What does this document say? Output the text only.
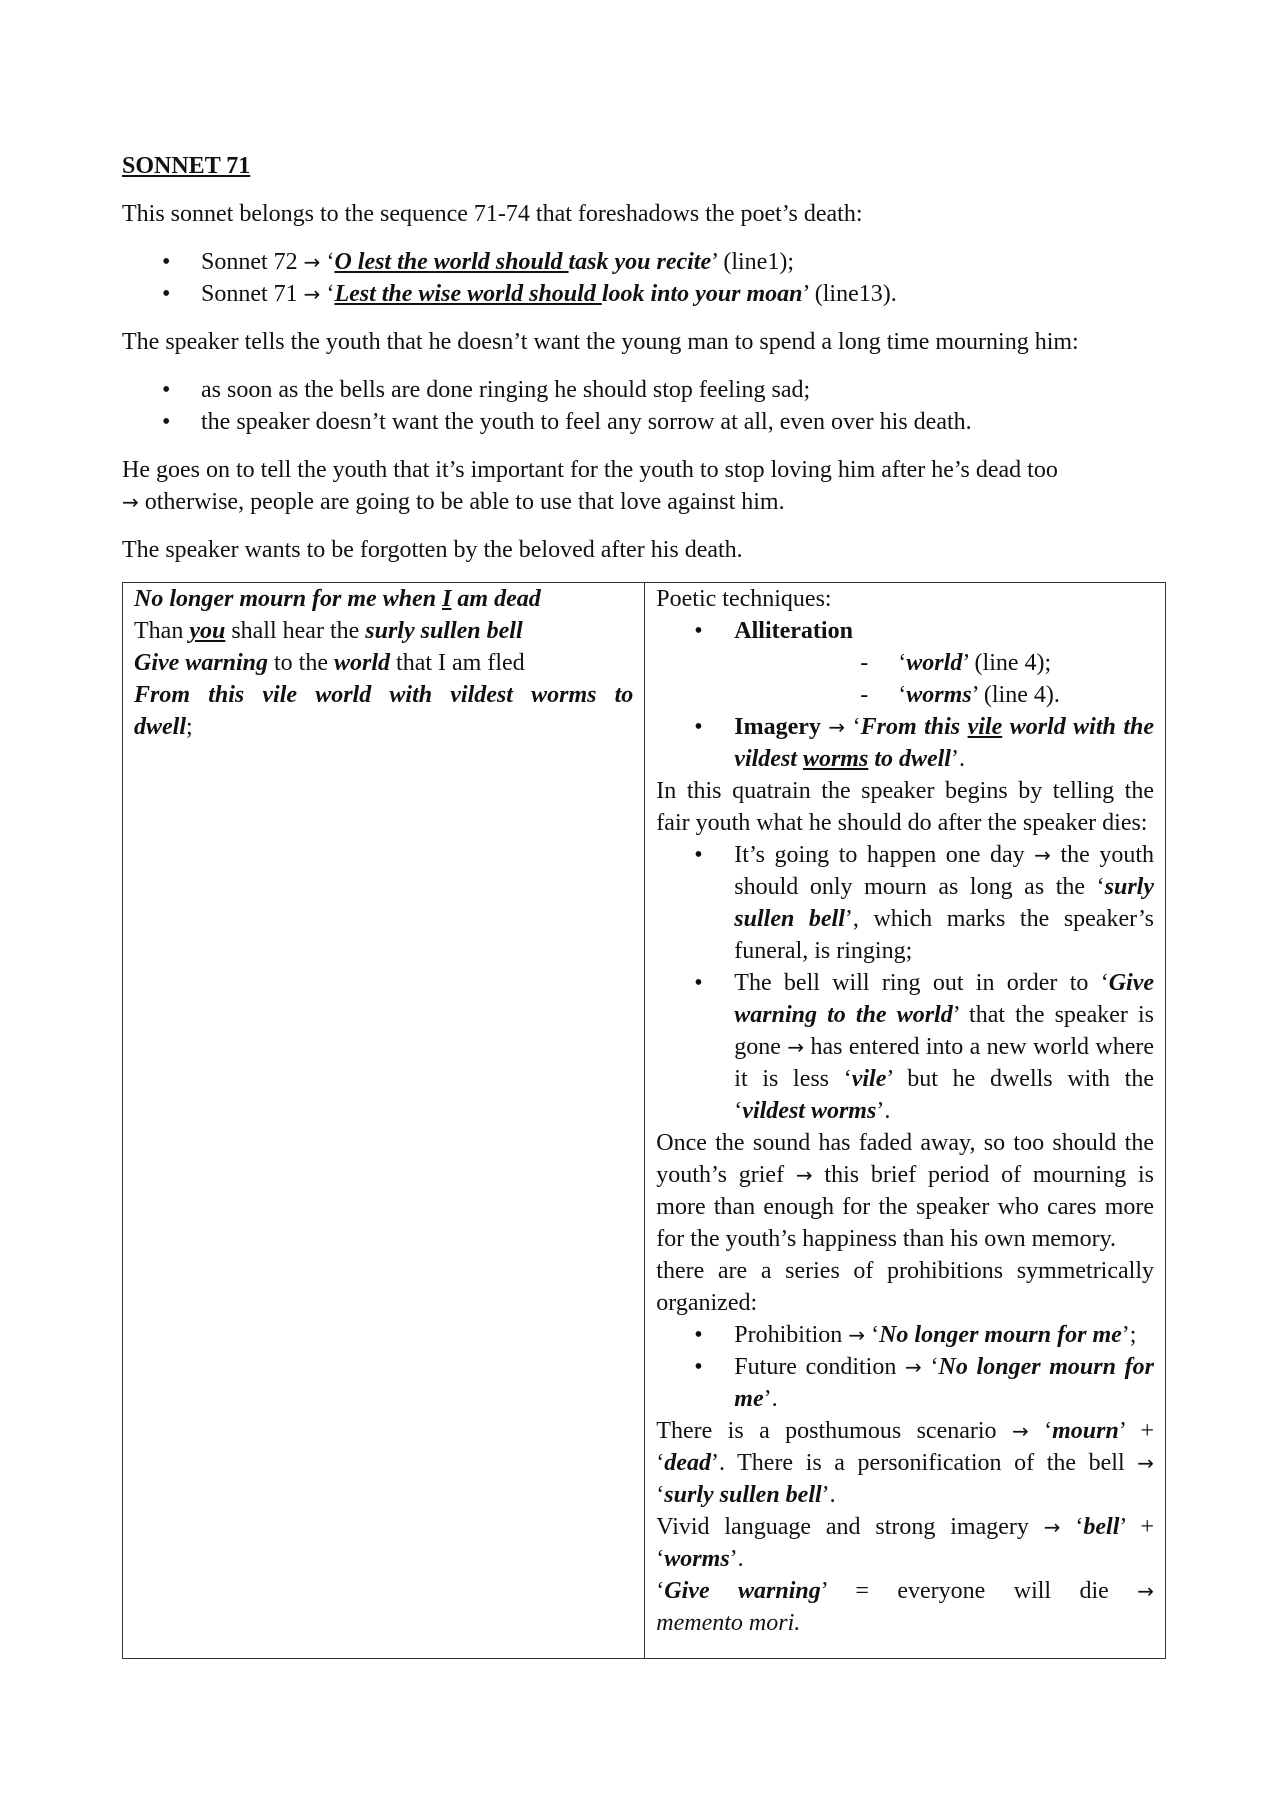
SONNET 71

This sonnet belongs to the sequence 71-74 that foreshadows the poet’s death:

• Sonnet 72 → ‘O lest the world should task you recite’ (line1);
• Sonnet 71 → ‘Lest the wise world should look into your moan’ (line13).

The speaker tells the youth that he doesn’t want the young man to spend a long time mourning him:

• as soon as the bells are done ringing he should stop feeling sad;
• the speaker doesn’t want the youth to feel any sorrow at all, even over his death.

He goes on to tell the youth that it’s important for the youth to stop loving him after he’s dead too
→ otherwise, people are going to be able to use that love against him.

The speaker wants to be forgotten by the beloved after his death.

No longer mourn for me when I am dead
Than you shall hear the surly sullen bell
Give warning to the world that I am fled
From this vile world with vildest worms to
dwell;

Poetic techniques:
• Alliteration
- ‘world’ (line 4);
- ‘worms’ (line 4).
• Imagery → ‘From this vile world with the vildest worms to dwell’.
In this quatrain the speaker begins by telling the fair youth what he should do after the speaker dies:
• It’s going to happen one day → the youth should only mourn as long as the ‘surly sullen bell’, which marks the speaker’s funeral, is ringing;
• The bell will ring out in order to ‘Give warning to the world’ that the speaker is gone → has entered into a new world where it is less ‘vile’ but he dwells with the ‘vildest worms’.
Once the sound has faded away, so too should the youth’s grief → this brief period of mourning is more than enough for the speaker who cares more for the youth’s happiness than his own memory.
there are a series of prohibitions symmetrically organized:
• Prohibition → ‘No longer mourn for me’;
• Future condition → ‘No longer mourn for me’.
There is a posthumous scenario → ‘mourn’ + ‘dead’. There is a personification of the bell → ‘surly sullen bell’.
Vivid language and strong imagery → ‘bell’ + ‘worms’.
‘Give warning’ = everyone will die →
memento mori.
